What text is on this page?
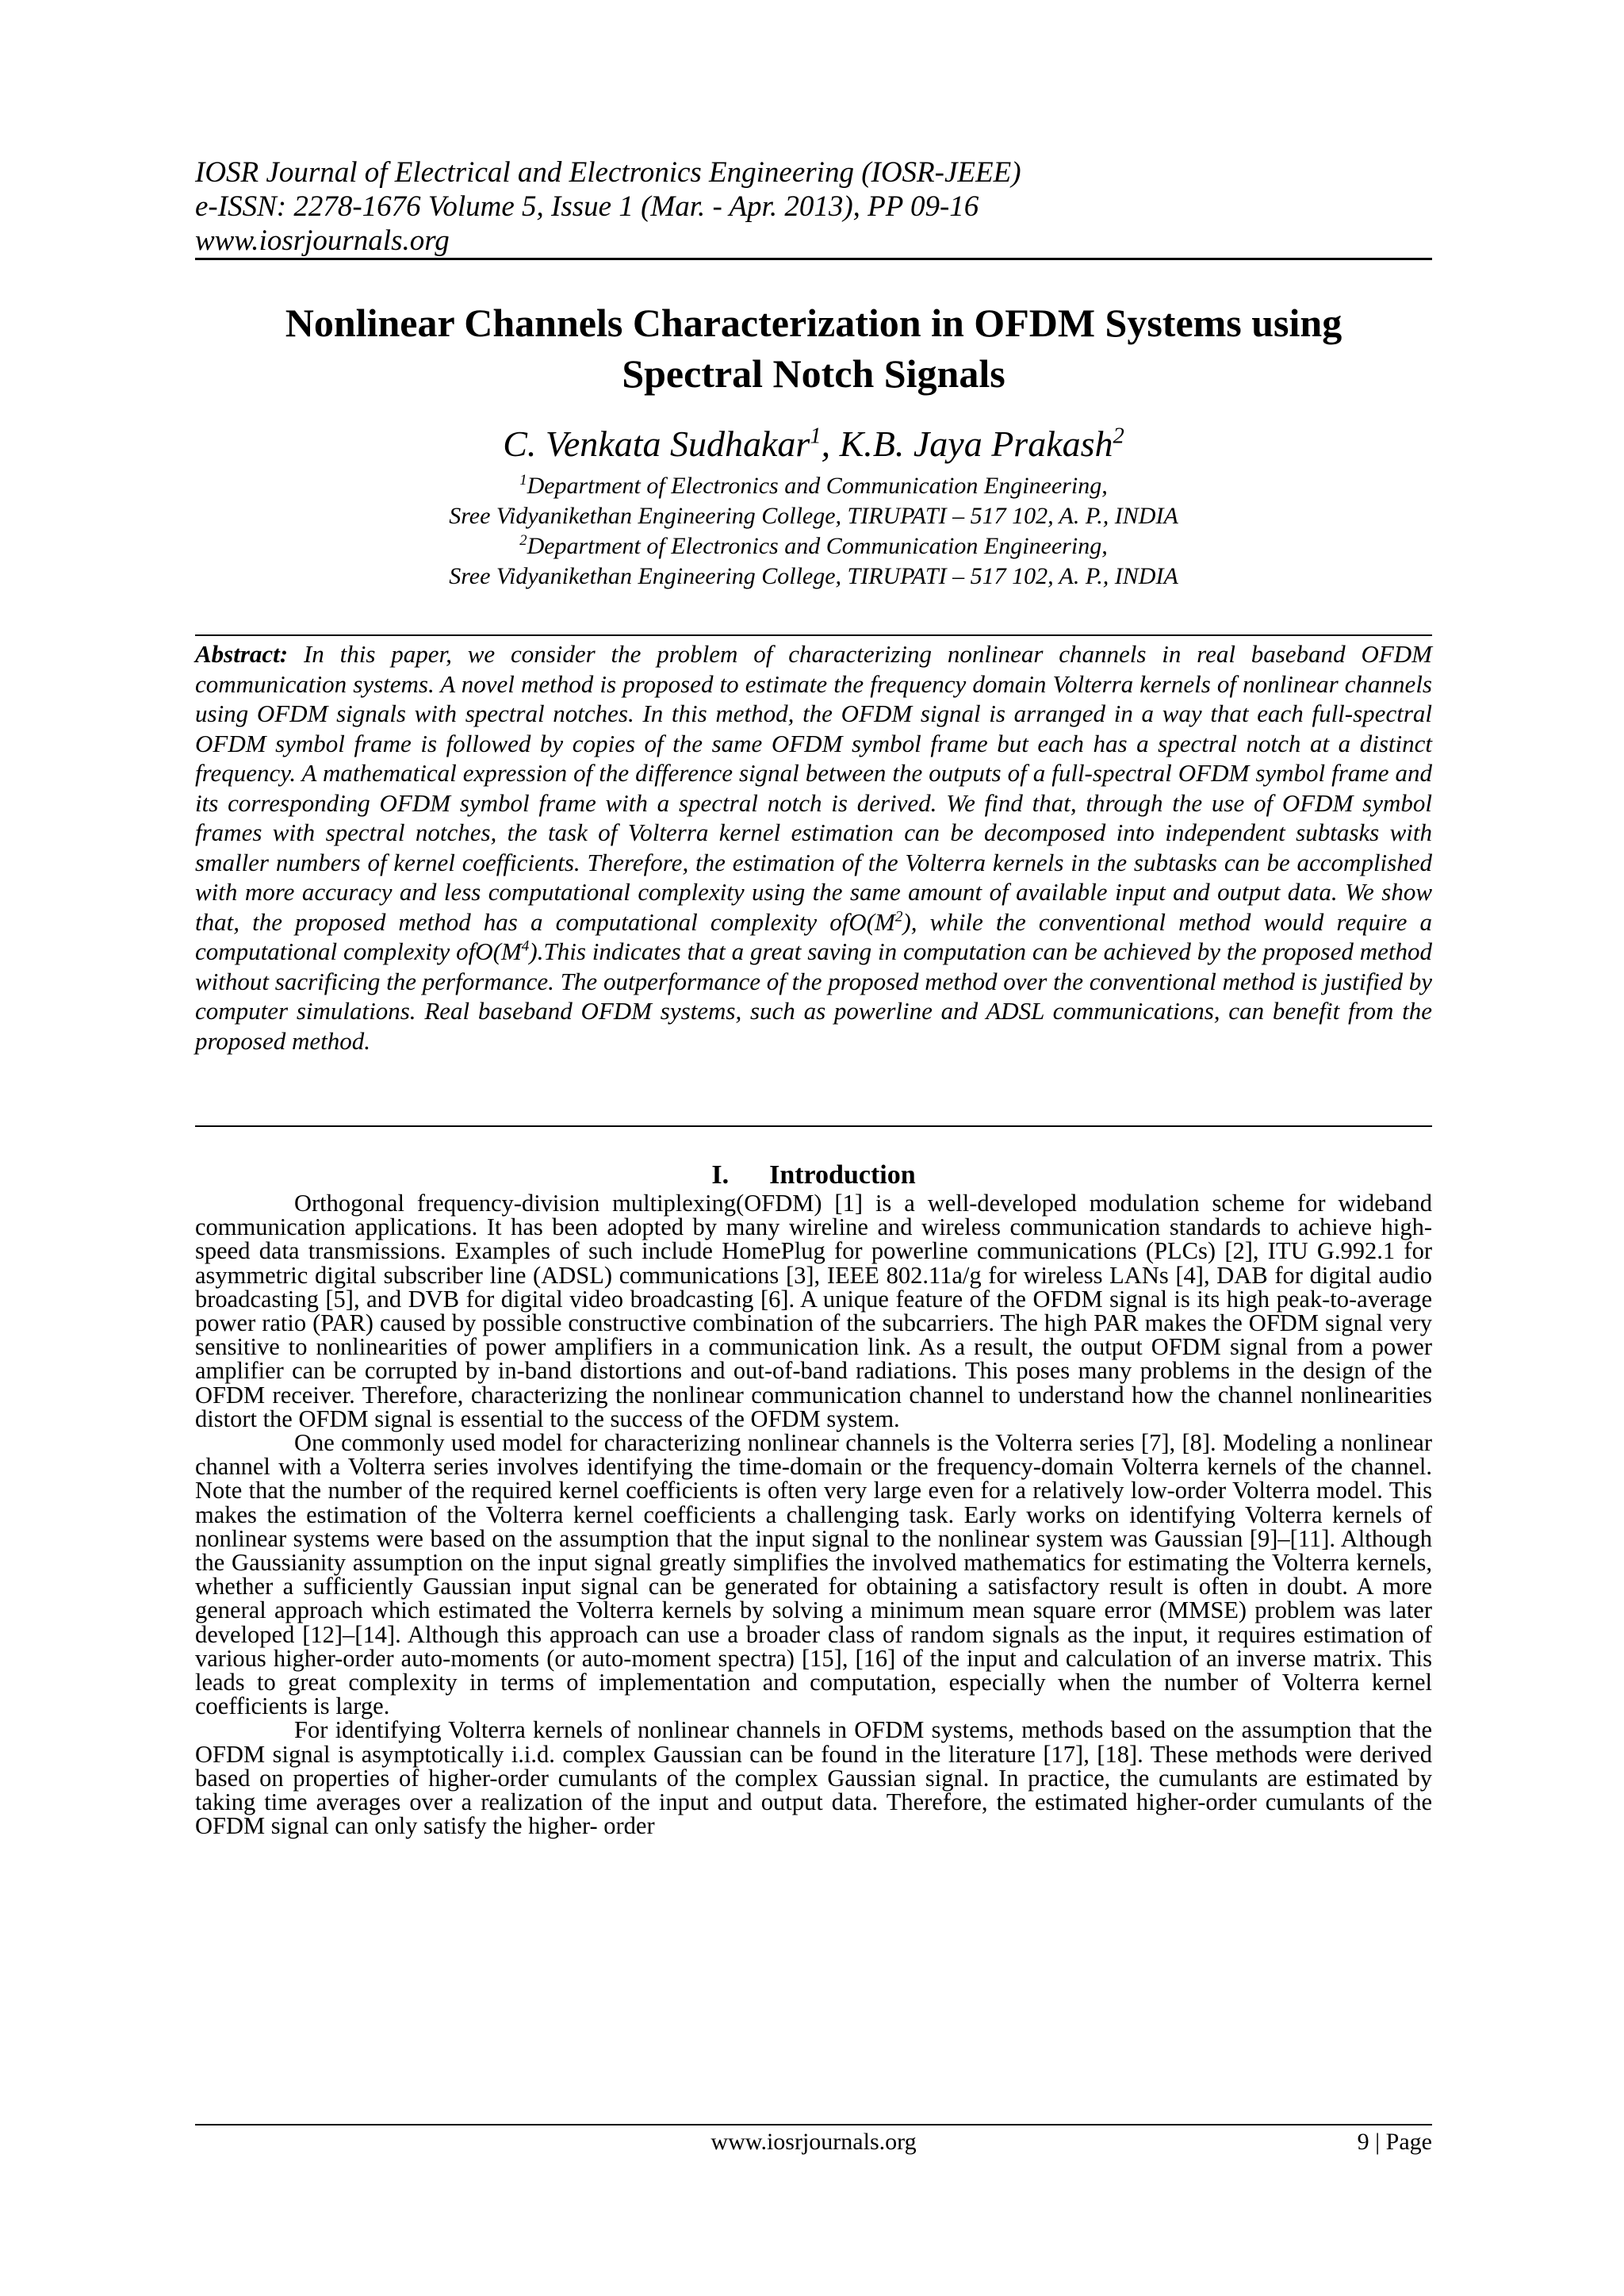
IOSR Journal of Electrical and Electronics Engineering (IOSR-JEEE)
e-ISSN: 2278-1676 Volume 5, Issue 1 (Mar. - Apr. 2013), PP 09-16
www.iosrjournals.org
Nonlinear Channels Characterization in OFDM Systems using
Spectral Notch Signals
C. Venkata Sudhakar$^1$, K.B. Jaya Prakash$^2$
$^1$Department of Electronics and Communication Engineering,
Sree Vidyanikethan Engineering College, TIRUPATI – 517 102, A. P., INDIA
$^2$Department of Electronics and Communication Engineering,
Sree Vidyanikethan Engineering College, TIRUPATI – 517 102, A. P., INDIA
Abstract: In this paper, we consider the problem of characterizing nonlinear channels in real baseband OFDM communication systems. A novel method is proposed to estimate the frequency domain Volterra kernels of nonlinear channels using OFDM signals with spectral notches. In this method, the OFDM signal is arranged in a way that each full-spectral OFDM symbol frame is followed by copies of the same OFDM symbol frame but each has a spectral notch at a distinct frequency. A mathematical expression of the difference signal between the outputs of a full-spectral OFDM symbol frame and its corresponding OFDM symbol frame with a spectral notch is derived. We find that, through the use of OFDM symbol frames with spectral notches, the task of Volterra kernel estimation can be decomposed into independent subtasks with smaller numbers of kernel coefficients. Therefore, the estimation of the Volterra kernels in the subtasks can be accomplished with more accuracy and less computational complexity using the same amount of available input and output data. We show that, the proposed method has a computational complexity $ofO(M^2)$, while the conventional method would require a computational complexity $ofO(M^4).This$ indicates that a great saving in computation can be achieved by the proposed method without sacrificing the performance. The outperformance of the proposed method over the conventional method is justified by computer simulations. Real baseband OFDM systems, such as powerline and ADSL communications, can benefit from the proposed method.
I.      Introduction

Orthogonal frequency-division multiplexing(OFDM) [1] is a well-developed modulation scheme for wideband communication applications. It has been adopted by many wireline and wireless communication standards to achieve high-speed data transmissions. Examples of such include HomePlug for powerline communications (PLCs) [2], ITU G.992.1 for asymmetric digital subscriber line (ADSL) communications [3], IEEE 802.11a/g for wireless LANs [4], DAB for digital audio broadcasting [5], and DVB for digital video broadcasting [6]. A unique feature of the OFDM signal is its high peak-to-average power ratio (PAR) caused by possible constructive combination of the subcarriers. The high PAR makes the OFDM signal very sensitive to nonlinearities of power amplifiers in a communication link. As a result, the output OFDM signal from a power amplifier can be corrupted by in-band distortions and out-of-band radiations. This poses many problems in the design of the OFDM receiver. Therefore, characterizing the nonlinear communication channel to understand how the channel nonlinearities distort the OFDM signal is essential to the success of the OFDM system.

One commonly used model for characterizing nonlinear channels is the Volterra series [7], [8]. Modeling a nonlinear channel with a Volterra series involves identifying the time-domain or the frequency-domain Volterra kernels of the channel. Note that the number of the required kernel coefficients is often very large even for a relatively low-order Volterra model. This makes the estimation of the Volterra kernel coefficients a challenging task. Early works on identifying Volterra kernels of nonlinear systems were based on the assumption that the input signal to the nonlinear system was Gaussian [9]–[11]. Although the Gaussianity assumption on the input signal greatly simplifies the involved mathematics for estimating the Volterra kernels, whether a sufficiently Gaussian input signal can be generated for obtaining a satisfactory result is often in doubt. A more general approach which estimated the Volterra kernels by solving a minimum mean square error (MMSE) problem was later developed [12]–[14]. Although this approach can use a broader class of random signals as the input, it requires estimation of various higher-order auto-moments (or auto-moment spectra) [15], [16] of the input and calculation of an inverse matrix. This leads to great complexity in terms of implementation and computation, especially when the number of Volterra kernel coefficients is large.

For identifying Volterra kernels of nonlinear channels in OFDM systems, methods based on the assumption that the OFDM signal is asymptotically i.i.d. complex Gaussian can be found in the literature [17], [18]. These methods were derived based on properties of higher-order cumulants of the complex Gaussian signal. In practice, the cumulants are estimated by taking time averages over a realization of the input and output data. Therefore, the estimated higher-order cumulants of the OFDM signal can only satisfy the higher- order

www.iosrjournals.org	9 | Page
